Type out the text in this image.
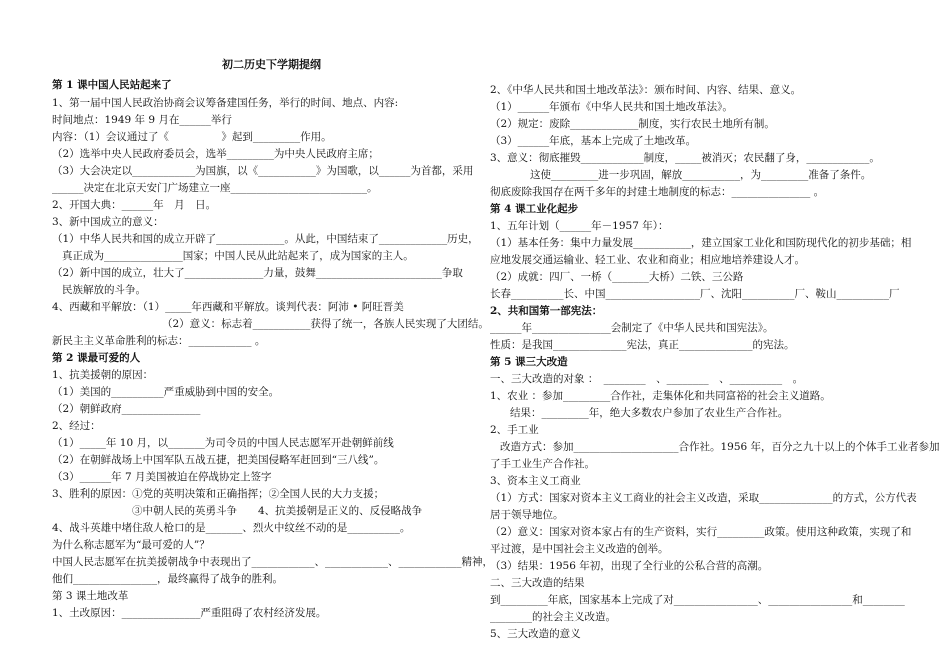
初二历史下学期提纲
第 1 课中国人民站起来了
1、第一届中国人民政治协商会议筹备建国任务，举行的时间、地点、内容:
时间地点：1949 年 9 月在______举行
内容：（1）会议通过了《　　　　　》起到_________作用。
（2）选举中央人民政府委员会，选举_________为中央人民政府主席；
（3）大会决定以____________为国旗，以《___________》为国歌，以______为首都，采用
______决定在北京天安门广场建立一座__________________________。
2、开国大典：______年　月　日。
3、新中国成立的意义：
（1）中华人民共和国的成立开辟了_____________。从此，中国结束了_____________历史，
真正成为_______________国家；中国人民从此站起来了，成为国家的主人。
（2）新中国的成立，壮大了_______________力量，鼓舞________________________争取
民族解放的斗争。
4、西藏和平解放：（1）_____年西藏和平解放。谈判代表：阿沛 • 阿旺晋美
（2）意义：标志着___________获得了统一，各族人民实现了大团结。
新民主主义革命胜利的标志：____________ 。
第 2 课最可爱的人
1、抗美援朝的原因：
（1）美国的__________严重威胁到中国的安全。
（2）朝鲜政府_______________
2、经过：
（1）_____年 10 月，以_______为司令员的中国人民志愿军开赴朝鲜前线
（2）在朝鲜战场上中国军队五战五捷，把美国侵略军赶回到“三八线”。
（3）______年 7 月美国被迫在停战协定上签字
3、胜利的原因：①党的英明决策和正确指挥；②全国人民的大力支援；
③中朝人民的英勇斗争　　4、抗美援朝是正义的、反侵略战争
4、战斗英雄中堵住敌人枪口的是_______、烈火中纹丝不动的是__________。
为什么称志愿军为“最可爱的人”？
中国人民志愿军在抗美援朝战争中表现出了____________、____________、____________精神，
他们________________，最终赢得了战争的胜利。
第 3 课土地改革
1、土改原因：_______________严重阻碍了农村经济发展。
2、《中华人民共和国土地改革法》：颁布时间、内容、结果、意义。
（1）______年颁布《中华人民共和国土地改革法》。
（2）规定：废除_____________制度，实行农民土地所有制。
（3）______年底，基本上完成了土地改革。
3、意义：彻底摧毁____________制度，_____被消灭；农民翻了身，____________。
这使_________进一步巩固，解放___________，为_________准备了条件。
彻底废除我国存在两千多年的封建土地制度的标志：_______________ 。
第 4 课工业化起步
1、五年计划（______年－1957 年）：
（1）基本任务：集中力量发展___________，建立国家工业化和国防现代化的初步基础；相
应地发展交通运输业、轻工业、农业和商业；相应地培养建设人才。
（2）成就：四厂、一桥（_______大桥）二铁、三公路
长春__________长、中国__________________厂、沈阳__________厂、鞍山__________厂
2、共和国第一部宪法：
______年_______________会制定了《中华人民共和国宪法》。
性质：是我国______________宪法，真正______________的宪法。
第 5 课三大改造
一、三大改造的对象 ：　________　、________　、__________　。
1、农业 ：参加_________合作社，走集体化和共同富裕的社会主义道路。
结果：_________年，绝大多数农户参加了农业生产合作社。
2、手工业
改造方式：参加____________________合作社。1956 年，百分之九十以上的个体手工业者参加
了手工业生产合作社。
3、资本主义工商业
（1）方式：国家对资本主义工商业的社会主义改造，采取______________的方式，公方代表
居于领导地位。
（2）意义：国家对资本家占有的生产资料，实行_________政策。使用这种政策，实现了和
平过渡，是中国社会主义改造的创举。
（3）结果：1956 年初，出现了全行业的公私合营的高潮。
二、三大改造的结果
到_________年底，国家基本上完成了对________________、________________和________
________的社会主义改造。
5、三大改造的意义
